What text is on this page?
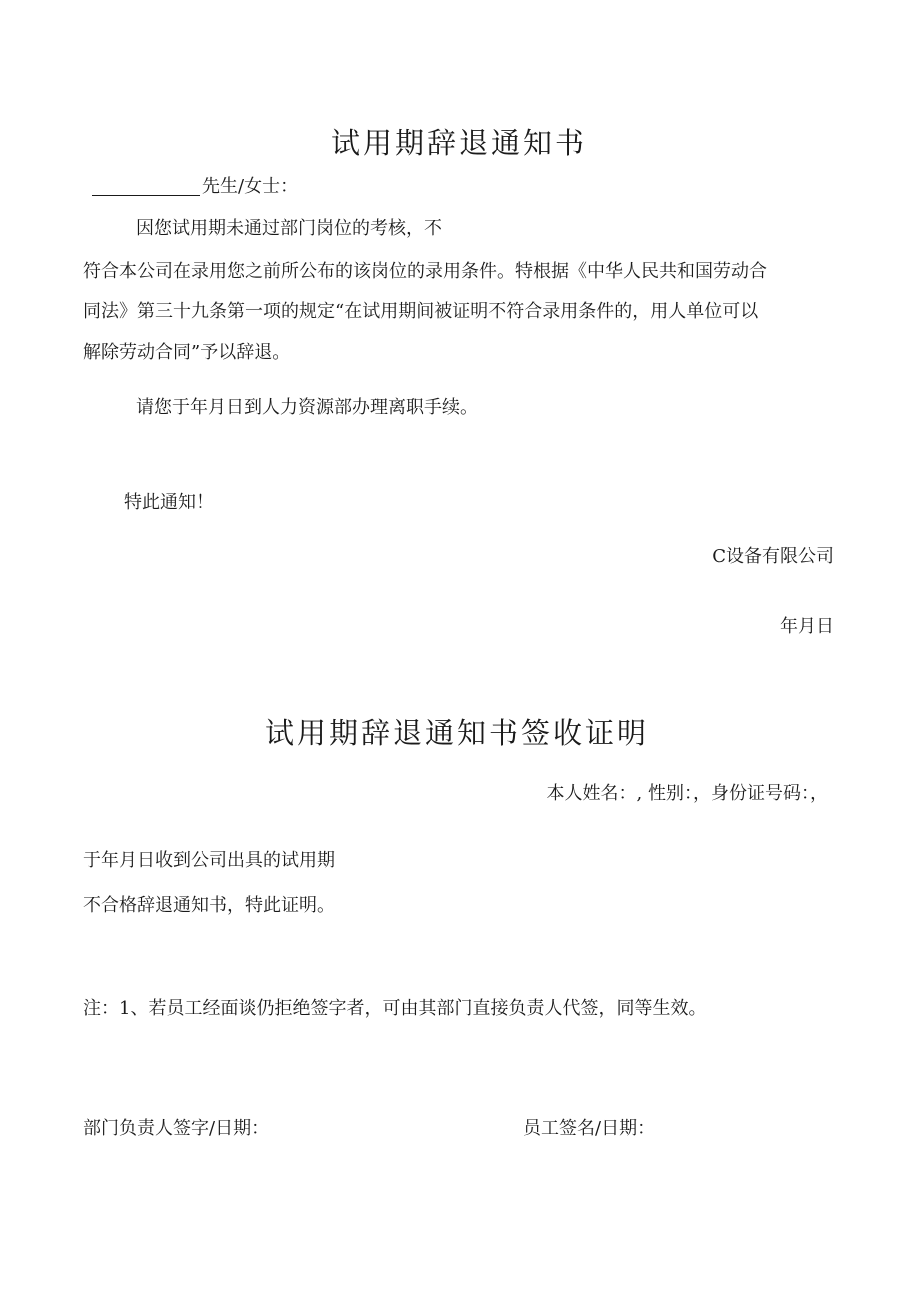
试用期辞退通知书
先生/女士：
因您试用期未通过部门岗位的考核，不
符合本公司在录用您之前所公布的该岗位的录用条件。特根据《中华人民共和国劳动合
同法》第三十九条第一项的规定“在试用期间被证明不符合录用条件的，用人单位可以
解除劳动合同”予以辞退。
请您于年月日到人力资源部办理离职手续。
特此通知！
C设备有限公司
年月日
试用期辞退通知书签收证明
本人姓名：, 性别：，身份证号码：，
于年月日收到公司出具的试用期
不合格辞退通知书，特此证明。
注：1、若员工经面谈仍拒绝签字者，可由其部门直接负责人代签，同等生效。
部门负责人签字/日期：	员工签名/日期：
